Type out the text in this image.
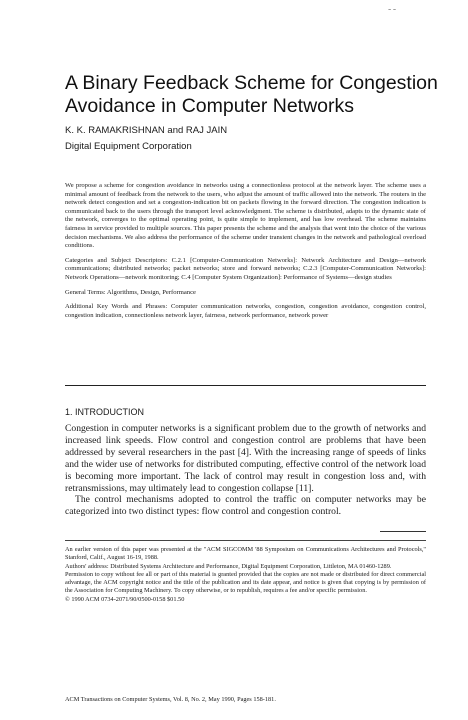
– –
A Binary Feedback Scheme for Congestion Avoidance in Computer Networks
K. K. RAMAKRISHNAN and RAJ JAIN
Digital Equipment Corporation

We propose a scheme for congestion avoidance in networks using a connectionless protocol at the network layer. The scheme uses a minimal amount of feedback from the network to the users, who adjust the amount of traffic allowed into the network. The routers in the network detect congestion and set a congestion-indication bit on packets flowing in the forward direction. The congestion indication is communicated back to the users through the transport level acknowledgment. The scheme is distributed, adapts to the dynamic state of the network, converges to the optimal operating point, is quite simple to implement, and has low overhead. The scheme maintains fairness in service provided to multiple sources. This paper presents the scheme and the analysis that went into the choice of the various decision mechanisms. We also address the performance of the scheme under transient changes in the network and pathological overload conditions.

Categories and Subject Descriptors: C.2.1 [Computer-Communication Networks]: Network Architecture and Design—network communications; distributed networks; packet networks; store and forward networks; C.2.3 [Computer-Communication Networks]: Network Operations—network monitoring; C.4 [Computer System Organization]: Performance of Systems—design studies

General Terms: Algorithms, Design, Performance

Additional Key Words and Phrases: Computer communication networks, congestion, congestion avoidance, congestion control, congestion indication, connectionless network layer, fairness, network performance, network power

1. INTRODUCTION

Congestion in computer networks is a significant problem due to the growth of networks and increased link speeds. Flow control and congestion control are problems that have been addressed by several researchers in the past [4]. With the increasing range of speeds of links and the wider use of networks for distributed computing, effective control of the network load is becoming more important. The lack of control may result in congestion loss and, with retransmissions, may ultimately lead to congestion collapse [11].

The control mechanisms adopted to control the traffic on computer networks may be categorized into two distinct types: flow control and congestion control.

An earlier version of this paper was presented at the "ACM SIGCOMM '88 Symposium on Communications Architectures and Protocols," Stanford, Calif., August 16-19, 1988.

Authors' address: Distributed Systems Architecture and Performance, Digital Equipment Corporation, Littleton, MA 01460-1289.

Permission to copy without fee all or part of this material is granted provided that the copies are not made or distributed for direct commercial advantage, the ACM copyright notice and the title of the publication and its date appear, and notice is given that copying is by permission of the Association for Computing Machinery. To copy otherwise, or to republish, requires a fee and/or specific permission.

© 1990 ACM 0734-2071/90/0500-0158 $01.50

ACM Transactions on Computer Systems, Vol. 8, No. 2, May 1990, Pages 158-181.
